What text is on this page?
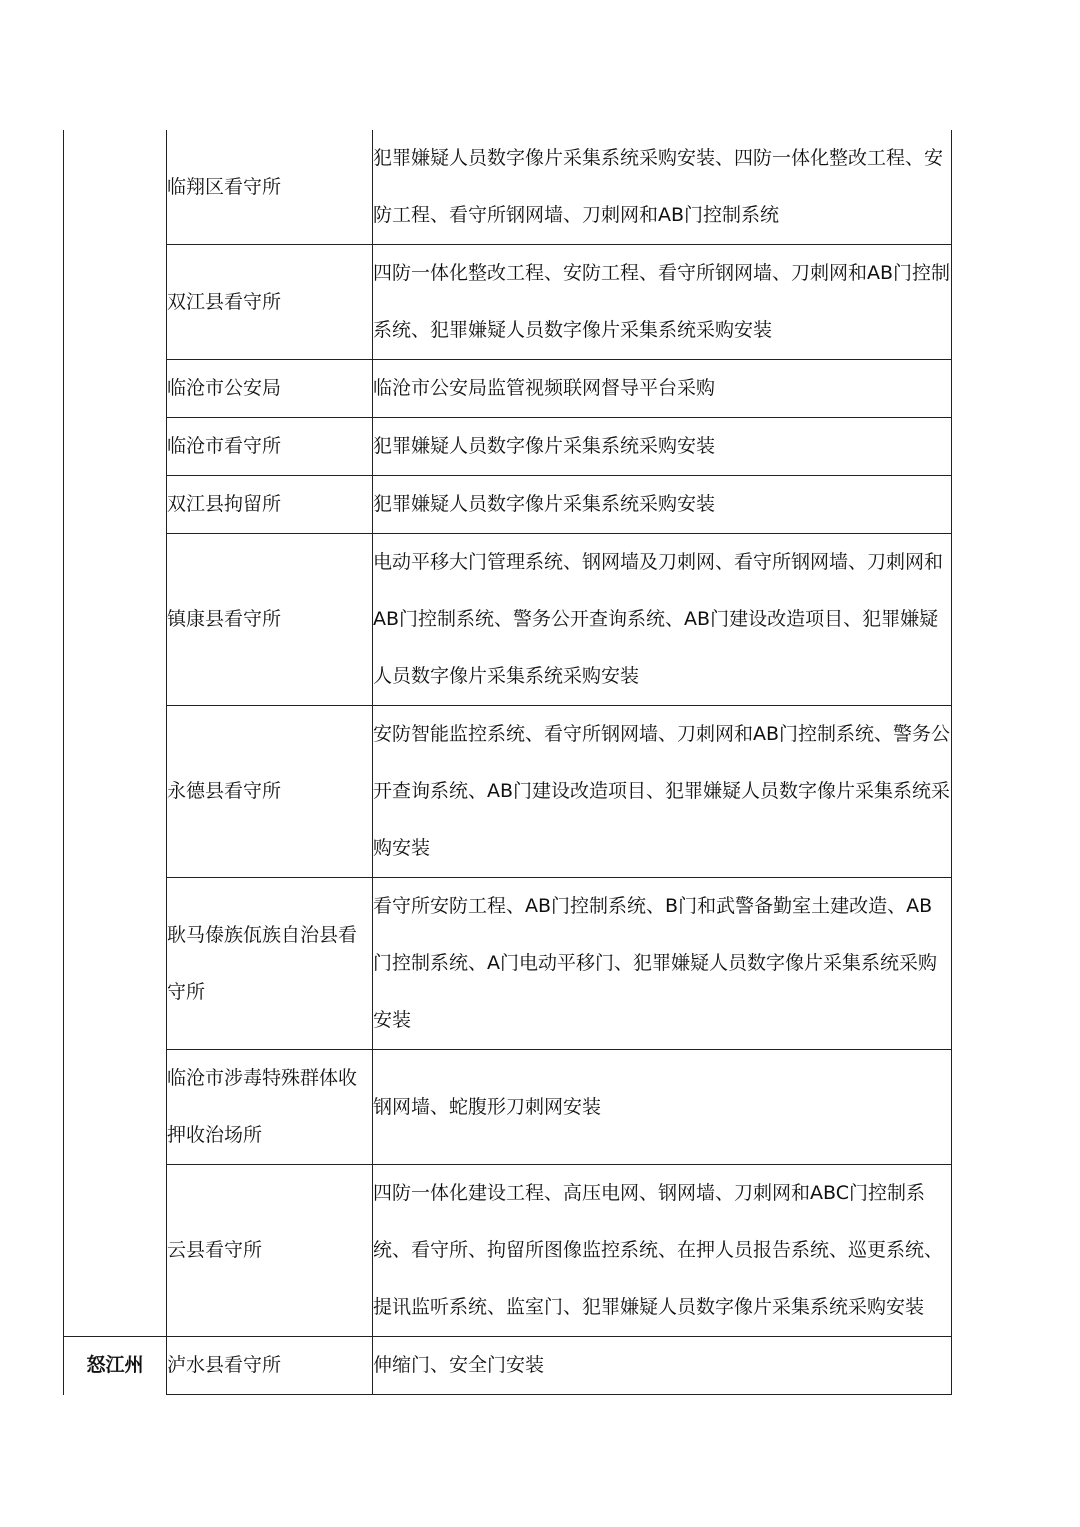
	临翔区看守所	犯罪嫌疑人员数字像片采集系统采购安装、四防一体化整改工程、安防工程、看守所钢网墙、刀刺网和AB门控制系统
	双江县看守所	四防一体化整改工程、安防工程、看守所钢网墙、刀刺网和AB门控制系统、犯罪嫌疑人员数字像片采集系统采购安装
	临沧市公安局	临沧市公安局监管视频联网督导平台采购
	临沧市看守所	犯罪嫌疑人员数字像片采集系统采购安装
	双江县拘留所	犯罪嫌疑人员数字像片采集系统采购安装
	镇康县看守所	电动平移大门管理系统、钢网墙及刀刺网、看守所钢网墙、刀刺网和AB门控制系统、警务公开查询系统、AB门建设改造项目、犯罪嫌疑人员数字像片采集系统采购安装
	永德县看守所	安防智能监控系统、看守所钢网墙、刀刺网和AB门控制系统、警务公开查询系统、AB门建设改造项目、犯罪嫌疑人员数字像片采集系统采购安装
	耿马傣族佤族自治县看守所	看守所安防工程、AB门控制系统、B门和武警备勤室土建改造、AB门控制系统、A门电动平移门、犯罪嫌疑人员数字像片采集系统采购安装
	临沧市涉毒特殊群体收押收治场所	钢网墙、蛇腹形刀刺网安装
	云县看守所	四防一体化建设工程、高压电网、钢网墙、刀刺网和ABC门控制系统、看守所、拘留所图像监控系统、在押人员报告系统、巡更系统、提讯监听系统、监室门、犯罪嫌疑人员数字像片采集系统采购安装
怒江州	泸水县看守所	伸缩门、安全门安装
